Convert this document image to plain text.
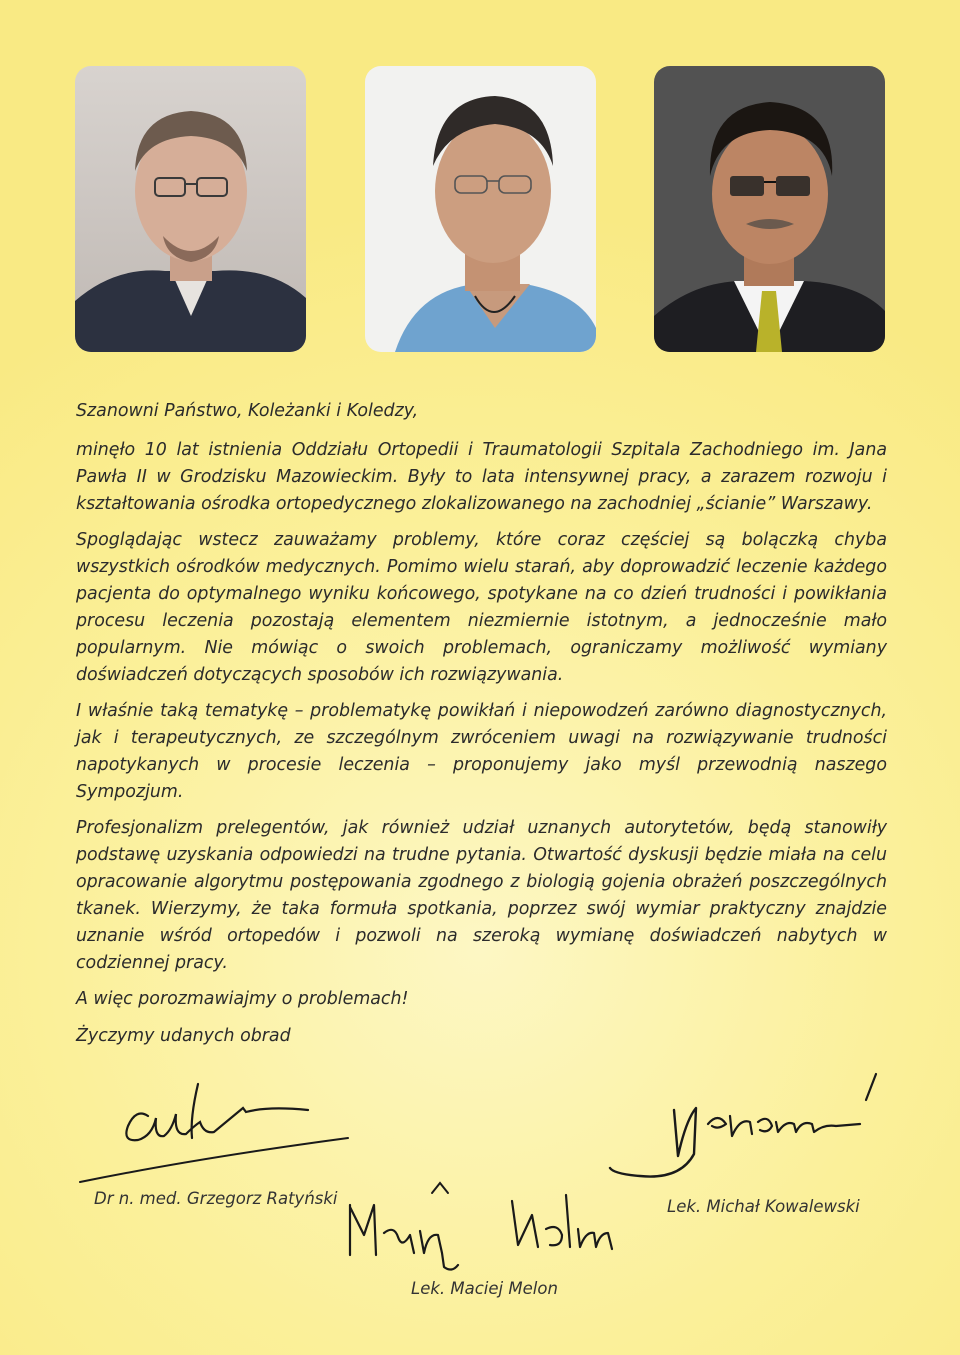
Szanowni Państwo, Koleżanki i Koledzy,

minęło 10 lat istnienia Oddziału Ortopedii i Traumatologii Szpitala Zachodniego im. Jana Pawła II w Grodzisku Mazowieckim. Były to lata intensywnej pracy, a zarazem rozwoju i kształtowania ośrodka ortopedycznego zlokalizowanego na zachodniej „ścianie” Warszawy.

Spoglądając wstecz zauważamy problemy, które coraz częściej są bolączką chyba wszystkich ośrodków medycznych. Pomimo wielu starań, aby doprowadzić leczenie każdego pacjenta do optymalnego wyniku końcowego, spotykane na co dzień trudności i powikłania procesu leczenia pozostają elementem niezmiernie istotnym, a jednocześnie mało popularnym. Nie mówiąc o swoich problemach, ograniczamy możliwość wymiany doświadczeń dotyczących sposobów ich rozwiązywania.

I właśnie taką tematykę – problematykę powikłań i niepowodzeń zarówno diagnostycznych, jak i terapeutycznych, ze szczególnym zwróceniem uwagi na rozwiązywanie trudności napotykanych w procesie leczenia – proponujemy jako myśl przewodnią naszego Sympozjum.

Profesjonalizm prelegentów, jak również udział uznanych autorytetów, będą stanowiły podstawę uzyskania odpowiedzi na trudne pytania. Otwartość dyskusji będzie miała na celu opracowanie algorytmu postępowania zgodnego z biologią gojenia obrażeń poszczególnych tkanek. Wierzymy, że taka formuła spotkania, poprzez swój wymiar praktyczny znajdzie uznanie wśród ortopedów i pozwoli na szeroką wymianę doświadczeń nabytych w codziennej pracy.

A więc porozmawiajmy o problemach!

Życzymy udanych obrad

Dr n. med. Grzegorz Ratyński
Lek. Maciej Melon
Lek. Michał Kowalewski
